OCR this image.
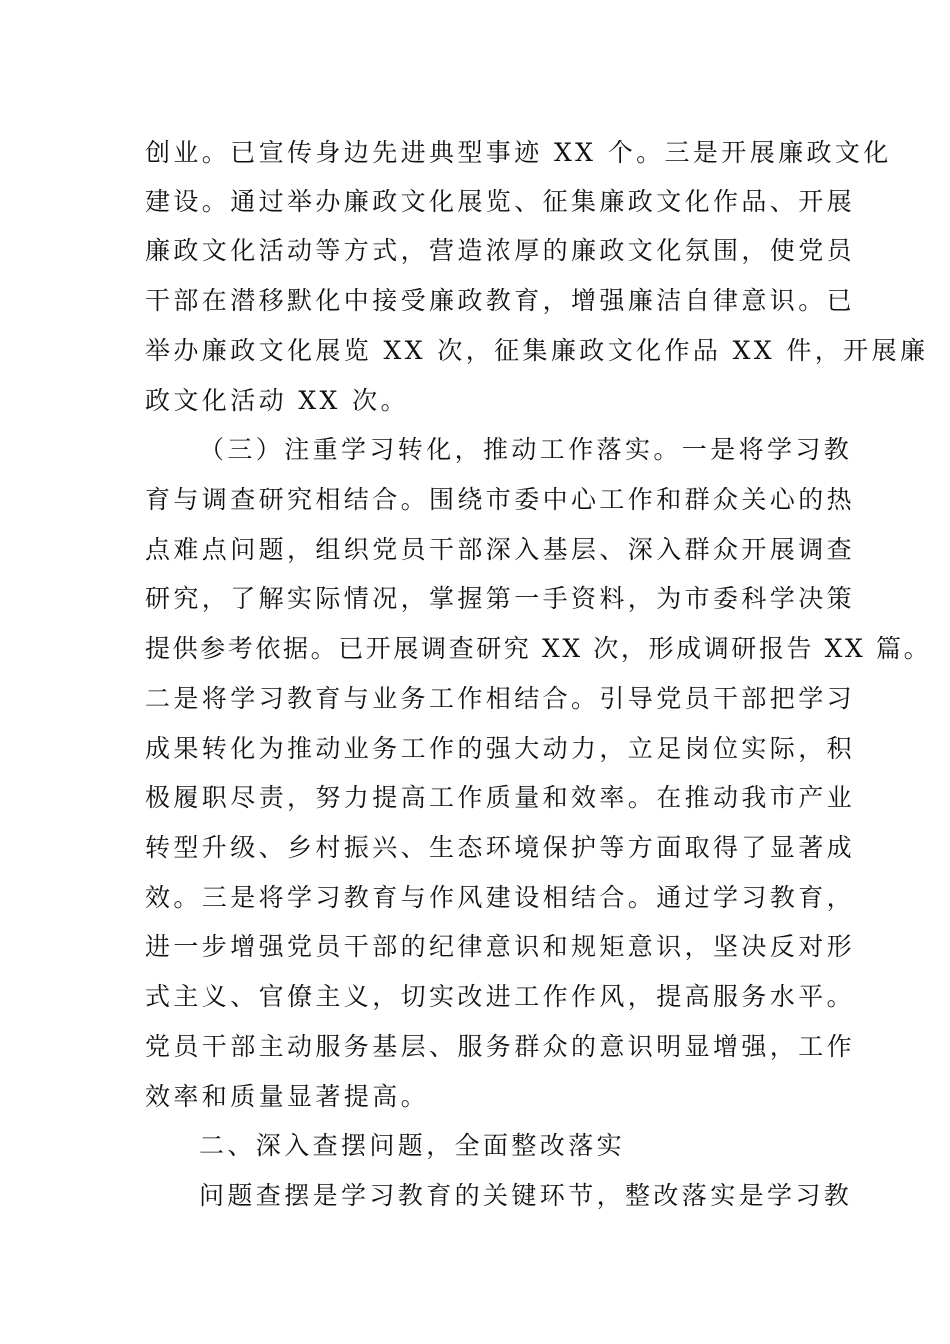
创业。已宣传身边先进典型事迹 XX 个。三是开展廉政文化
建设。通过举办廉政文化展览、征集廉政文化作品、开展
廉政文化活动等方式，营造浓厚的廉政文化氛围，使党员
干部在潜移默化中接受廉政教育，增强廉洁自律意识。已
举办廉政文化展览 XX 次，征集廉政文化作品 XX 件，开展廉
政文化活动 XX 次。
（三）注重学习转化，推动工作落实。一是将学习教
育与调查研究相结合。围绕市委中心工作和群众关心的热
点难点问题，组织党员干部深入基层、深入群众开展调查
研究，了解实际情况，掌握第一手资料，为市委科学决策
提供参考依据。已开展调查研究 XX 次，形成调研报告 XX 篇。
二是将学习教育与业务工作相结合。引导党员干部把学习
成果转化为推动业务工作的强大动力，立足岗位实际，积
极履职尽责，努力提高工作质量和效率。在推动我市产业
转型升级、乡村振兴、生态环境保护等方面取得了显著成
效。三是将学习教育与作风建设相结合。通过学习教育，
进一步增强党员干部的纪律意识和规矩意识，坚决反对形
式主义、官僚主义，切实改进工作作风，提高服务水平。
党员干部主动服务基层、服务群众的意识明显增强，工作
效率和质量显著提高。
二、深入查摆问题，全面整改落实
问题查摆是学习教育的关键环节，整改落实是学习教
